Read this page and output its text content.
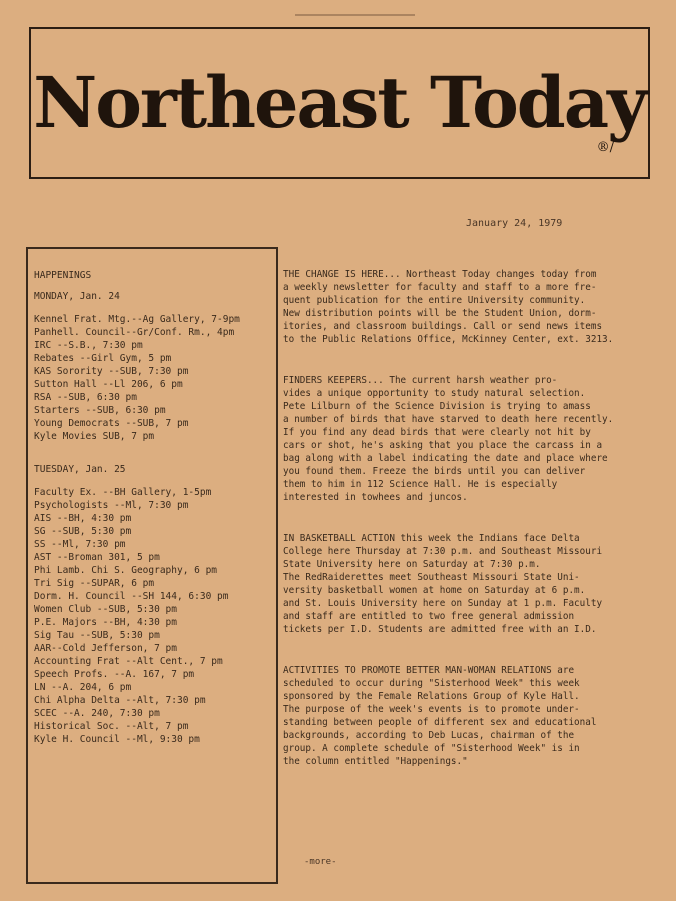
Northeast Today
®/
January 24, 1979
HAPPENINGS
MONDAY, Jan. 24
Kennel Frat. Mtg.--Ag Gallery, 7-9pm
Panhell. Council--Gr/Conf. Rm., 4pm
IRC --S.B., 7:30 pm
Rebates --Girl Gym, 5 pm
KAS Sorority --SUB, 7:30 pm
Sutton Hall --Ll 206, 6 pm
RSA --SUB, 6:30 pm
Starters --SUB, 6:30 pm
Young Democrats --SUB, 7 pm
Kyle Movies SUB, 7 pm
TUESDAY, Jan. 25
Faculty Ex. --BH Gallery, 1-5pm
Psychologists --Ml, 7:30 pm
AIS --BH, 4:30 pm
SG --SUB, 5:30 pm
SS --Ml, 7:30 pm
AST --Broman 301, 5 pm
Phi Lamb. Chi S. Geography, 6 pm
Tri Sig --SUPAR, 6 pm
Dorm. H. Council --SH 144, 6:30 pm
Women Club --SUB, 5:30 pm
P.E. Majors --BH, 4:30 pm
Sig Tau --SUB, 5:30 pm
AAR--Cold Jefferson, 7 pm
Accounting Frat --Alt Cent., 7 pm
Speech Profs. --A. 167, 7 pm
LN --A. 204, 6 pm
Chi Alpha Delta --Alt, 7:30 pm
SCEC --A. 240, 7:30 pm
Historical Soc. --Alt, 7 pm
Kyle H. Council --Ml, 9:30 pm

THE CHANGE IS HERE... Northeast Today changes today from
a weekly newsletter for faculty and staff to a more fre-
quent publication for the entire University community.
New distribution points will be the Student Union, dorm-
itories, and classroom buildings. Call or send news items
to the Public Relations Office, McKinney Center, ext. 3213.

FINDERS KEEPERS... The current harsh weather pro-
vides a unique opportunity to study natural selection.
Pete Lilburn of the Science Division is trying to amass
a number of birds that have starved to death here recently.
If you find any dead birds that were clearly not hit by
cars or shot, he's asking that you place the carcass in a
bag along with a label indicating the date and place where
you found them. Freeze the birds until you can deliver
them to him in 112 Science Hall. He is especially
interested in towhees and juncos.

IN BASKETBALL ACTION this week the Indians face Delta
College here Thursday at 7:30 p.m. and Southeast Missouri
State University here on Saturday at 7:30 p.m.

The RedRaiderettes meet Southeast Missouri State Uni-
versity basketball women at home on Saturday at 6 p.m.
and St. Louis University here on Sunday at 1 p.m. Faculty
and staff are entitled to two free general admission
tickets per I.D. Students are admitted free with an I.D.

ACTIVITIES TO PROMOTE BETTER MAN-WOMAN RELATIONS are
scheduled to occur during "Sisterhood Week" this week
sponsored by the Female Relations Group of Kyle Hall.
The purpose of the week's events is to promote under-
standing between people of different sex and educational
backgrounds, according to Deb Lucas, chairman of the
group. A complete schedule of "Sisterhood Week" is in
the column entitled "Happenings."

-more-
